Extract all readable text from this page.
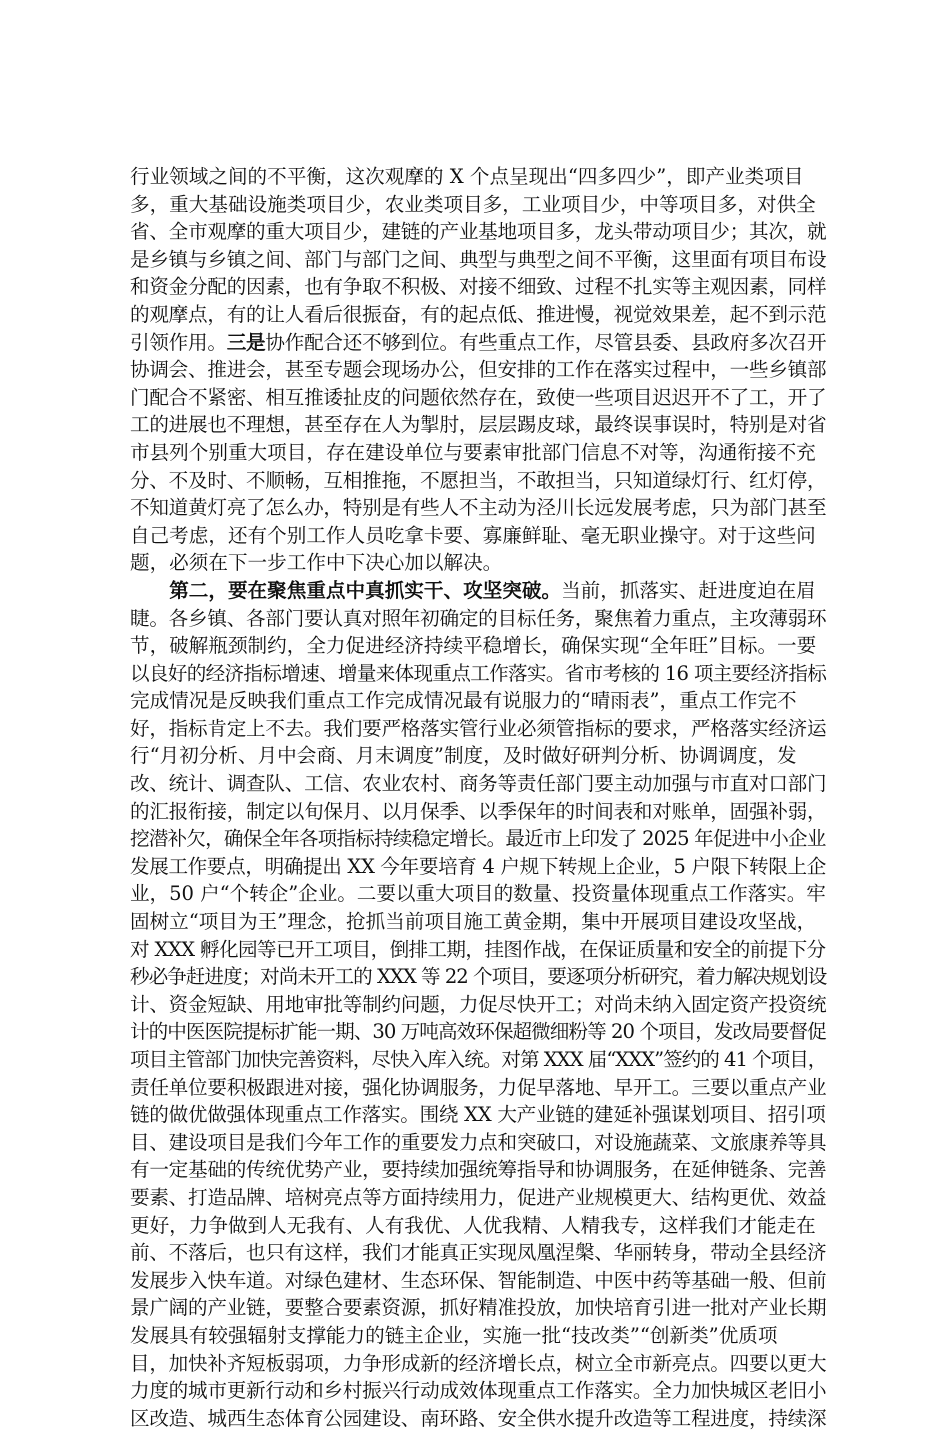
行业领域之间的不平衡，这次观摩的 X 个点呈现出“四多四少”，即产业类项目
多，重大基础设施类项目少，农业类项目多，工业项目少，中等项目多，对供全
省、全市观摩的重大项目少，建链的产业基地项目多，龙头带动项目少；其次，就
是乡镇与乡镇之间、部门与部门之间、典型与典型之间不平衡，这里面有项目布设
和资金分配的因素，也有争取不积极、对接不细致、过程不扎实等主观因素，同样
的观摩点，有的让人看后很振奋，有的起点低、推进慢，视觉效果差，起不到示范
引领作用。三是协作配合还不够到位。有些重点工作，尽管县委、县政府多次召开
协调会、推进会，甚至专题会现场办公，但安排的工作在落实过程中，一些乡镇部
门配合不紧密、相互推诿扯皮的问题依然存在，致使一些项目迟迟开不了工，开了
工的进展也不理想，甚至存在人为掣肘，层层踢皮球，最终误事误时，特别是对省
市县列个别重大项目，存在建设单位与要素审批部门信息不对等，沟通衔接不充
分、不及时、不顺畅，互相推拖，不愿担当，不敢担当，只知道绿灯行、红灯停，
不知道黄灯亮了怎么办，特别是有些人不主动为泾川长远发展考虑，只为部门甚至
自己考虑，还有个别工作人员吃拿卡要、寡廉鲜耻、毫无职业操守。对于这些问
题，必须在下一步工作中下决心加以解决。
　　第二，要在聚焦重点中真抓实干、攻坚突破。当前，抓落实、赶进度迫在眉
睫。各乡镇、各部门要认真对照年初确定的目标任务，聚焦着力重点，主攻薄弱环
节，破解瓶颈制约，全力促进经济持续平稳增长，确保实现“全年旺”目标。一要
以良好的经济指标增速、增量来体现重点工作落实。省市考核的 16 项主要经济指标
完成情况是反映我们重点工作完成情况最有说服力的“晴雨表”，重点工作完不
好，指标肯定上不去。我们要严格落实管行业必须管指标的要求，严格落实经济运
行“月初分析、月中会商、月末调度”制度，及时做好研判分析、协调调度，发
改、统计、调查队、工信、农业农村、商务等责任部门要主动加强与市直对口部门
的汇报衔接，制定以旬保月、以月保季、以季保年的时间表和对账单，固强补弱，
挖潜补欠，确保全年各项指标持续稳定增长。最近市上印发了 2025 年促进中小企业
发展工作要点，明确提出 XX 今年要培育 4 户规下转规上企业，5 户限下转限上企
业，50 户“个转企”企业。二要以重大项目的数量、投资量体现重点工作落实。牢
固树立“项目为王”理念，抢抓当前项目施工黄金期，集中开展项目建设攻坚战，
对 XXX 孵化园等已开工项目，倒排工期，挂图作战，在保证质量和安全的前提下分
秒必争赶进度；对尚未开工的 XXX 等 22 个项目，要逐项分析研究，着力解决规划设
计、资金短缺、用地审批等制约问题，力促尽快开工；对尚未纳入固定资产投资统
计的中医医院提标扩能一期、30 万吨高效环保超微细粉等 20 个项目，发改局要督促
项目主管部门加快完善资料，尽快入库入统。对第 XXX 届“XXX”签约的 41 个项目，
责任单位要积极跟进对接，强化协调服务，力促早落地、早开工。三要以重点产业
链的做优做强体现重点工作落实。围绕 XX 大产业链的建延补强谋划项目、招引项
目、建设项目是我们今年工作的重要发力点和突破口，对设施蔬菜、文旅康养等具
有一定基础的传统优势产业，要持续加强统筹指导和协调服务，在延伸链条、完善
要素、打造品牌、培树亮点等方面持续用力，促进产业规模更大、结构更优、效益
更好，力争做到人无我有、人有我优、人优我精、人精我专，这样我们才能走在
前、不落后，也只有这样，我们才能真正实现凤凰涅槃、华丽转身，带动全县经济
发展步入快车道。对绿色建材、生态环保、智能制造、中医中药等基础一般、但前
景广阔的产业链，要整合要素资源，抓好精准投放，加快培育引进一批对产业长期
发展具有较强辐射支撑能力的链主企业，实施一批“技改类”“创新类”优质项
目，加快补齐短板弱项，力争形成新的经济增长点，树立全市新亮点。四要以更大
力度的城市更新行动和乡村振兴行动成效体现重点工作落实。全力加快城区老旧小
区改造、城西生态体育公园建设、南环路、安全供水提升改造等工程进度，持续深
